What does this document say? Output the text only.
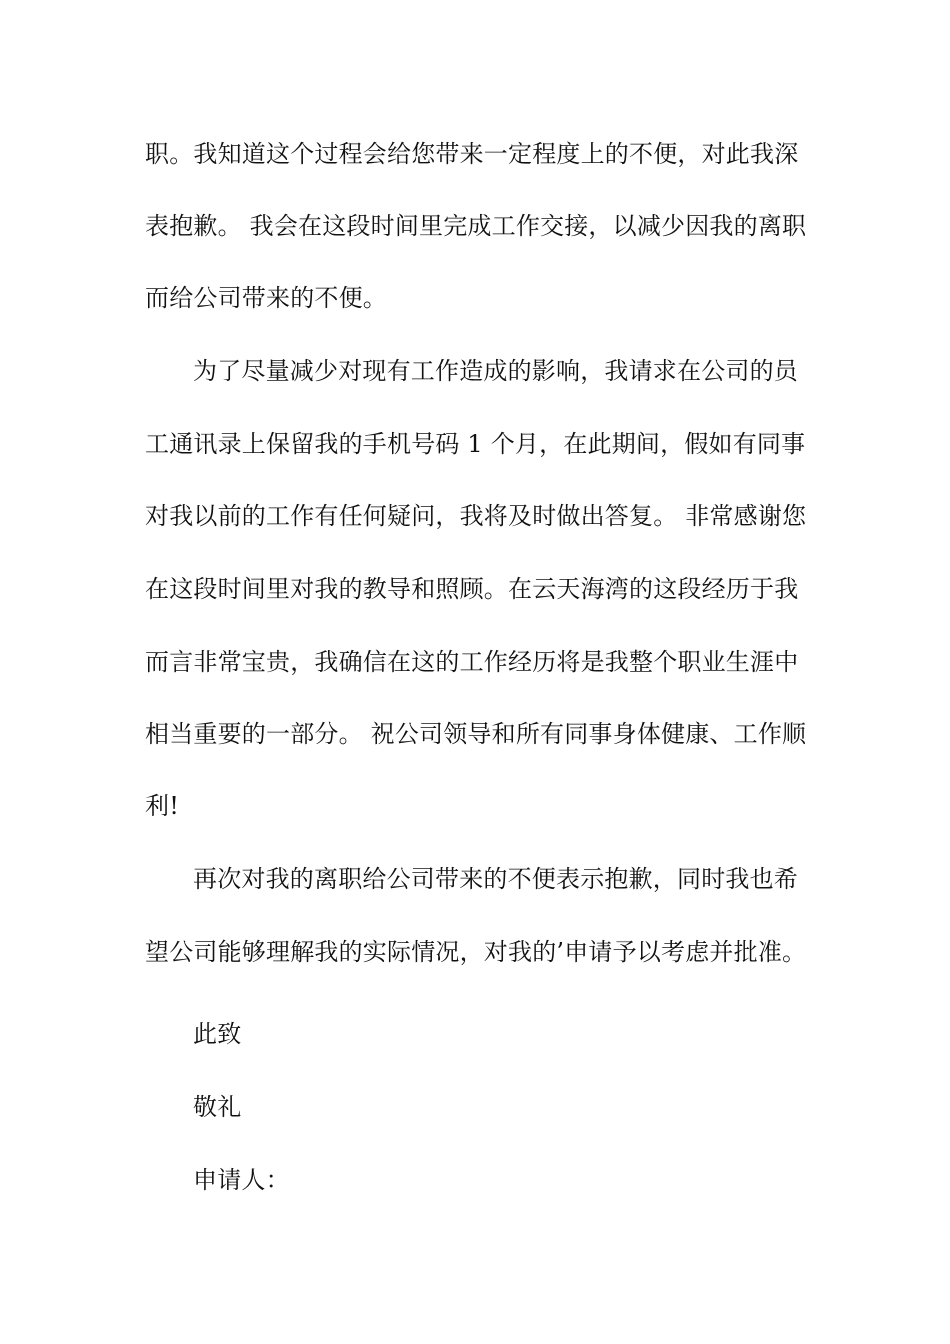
职。我知道这个过程会给您带来一定程度上的不便，对此我深
表抱歉。 我会在这段时间里完成工作交接，以减少因我的离职
而给公司带来的不便。
为了尽量减少对现有工作造成的影响，我请求在公司的员
工通讯录上保留我的手机号码 1 个月，在此期间，假如有同事
对我以前的工作有任何疑问，我将及时做出答复。 非常感谢您
在这段时间里对我的教导和照顾。在云天海湾的这段经历于我
而言非常宝贵，我确信在这的工作经历将是我整个职业生涯中
相当重要的一部分。 祝公司领导和所有同事身体健康、工作顺
利!
再次对我的离职给公司带来的不便表示抱歉，同时我也希
望公司能够理解我的实际情况，对我的’申请予以考虑并批准。
此致
敬礼
申请人：
